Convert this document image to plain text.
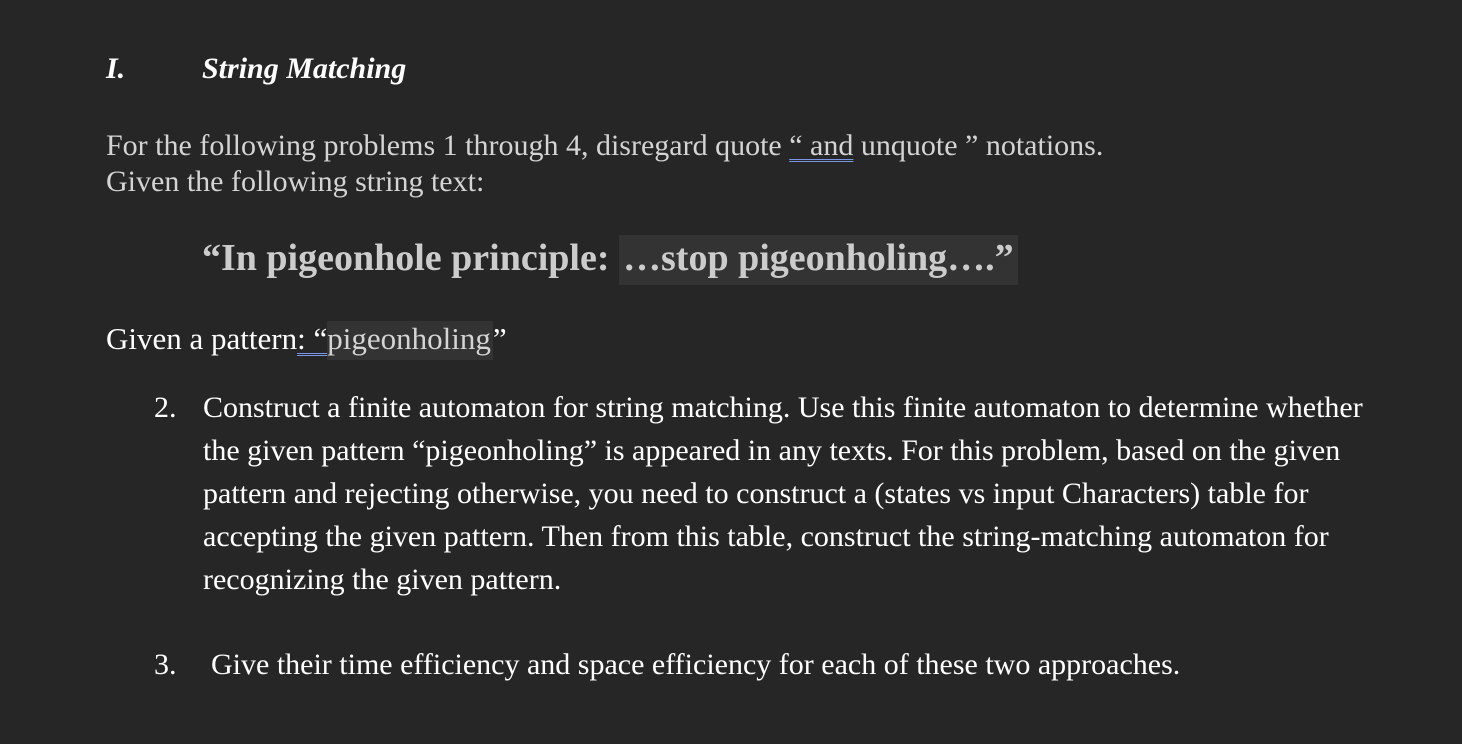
I.	String Matching
For the following problems 1 through 4, disregard quote “ and unquote ” notations.
Given the following string text:
“In pigeonhole principle: …stop pigeonholing….”
Given a pattern: “pigeonholing”
2. Construct a finite automaton for string matching. Use this finite automaton to determine whether the given pattern “pigeonholing” is appeared in any texts. For this problem, based on the given pattern and rejecting otherwise, you need to construct a (states vs input Characters) table for accepting the given pattern. Then from this table, construct the string-matching automaton for recognizing the given pattern.
3.	Give their time efficiency and space efficiency for each of these two approaches.
